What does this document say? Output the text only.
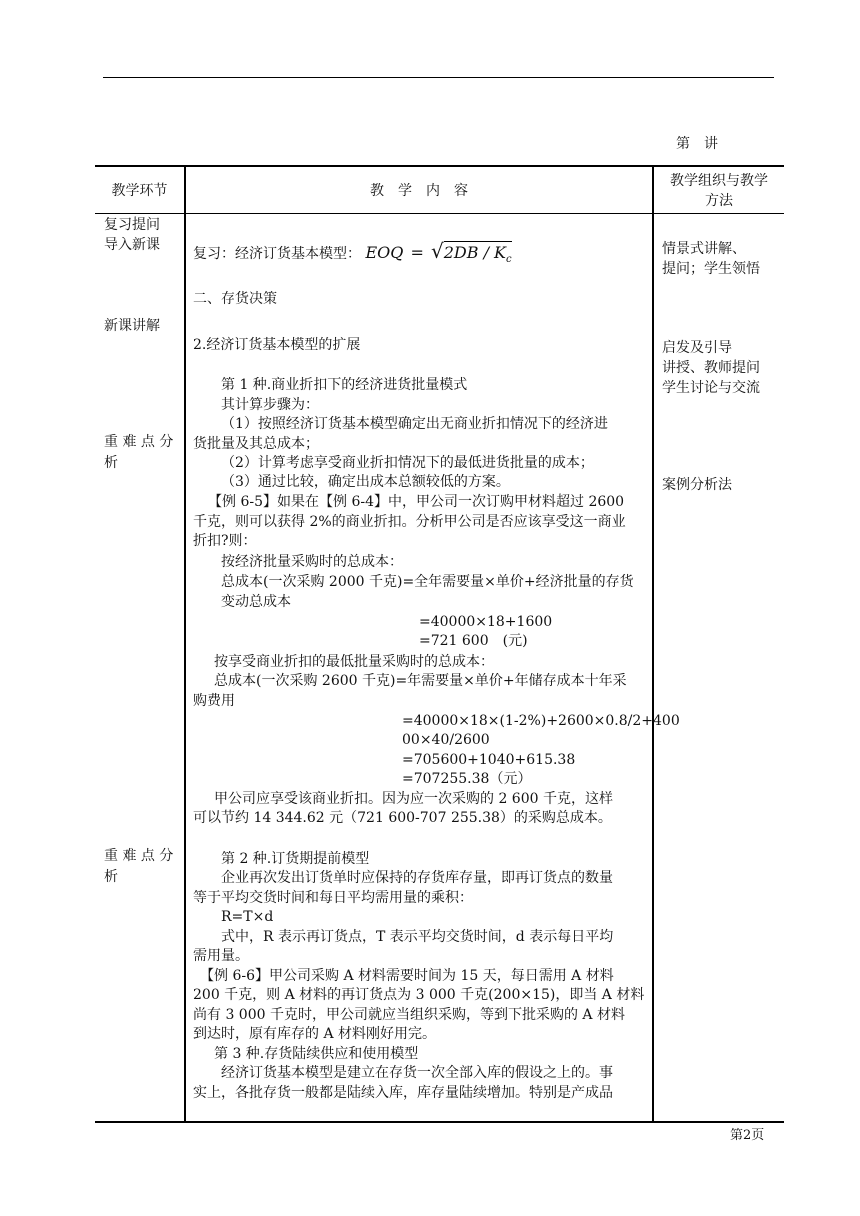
第　讲
教学环节	教　学　内　容
教学组织与教学
方法
复习提问
导入新课
新课讲解
重 难 点 分
析
重 难 点 分
析
情景式讲解、
提问；学生领悟
启发及引导
讲授、教师提问
学生讨论与交流
案例分析法
复习：经济订货基本模型： EOQ = $√2DB / K_c$
二、存货决策
2.经济订货基本模型的扩展
第 1 种.商业折扣下的经济进货批量模式
其计算步骤为：
（1）按照经济订货基本模型确定出无商业折扣情况下的经济进
货批量及其总成本；
（2）计算考虑享受商业折扣情况下的最低进货批量的成本；
（3）通过比较，确定出成本总额较低的方案。
【例 6-5】如果在【例 6-4】中，甲公司一次订购甲材料超过 2600
千克，则可以获得 2%的商业折扣。分析甲公司是否应该享受这一商业
折扣?则：
按经济批量采购时的总成本：
总成本(一次采购 2000 千克)=全年需要量×单价+经济批量的存货
变动总成本
=40000×18+1600
=721 600　(元)
按享受商业折扣的最低批量采购时的总成本：
总成本(一次采购 2600 千克)=年需要量×单价+年储存成本十年采
购费用
=40000×18×(1-2%)+2600×0.8/2+400
00×40/2600
=705600+1040+615.38
=707255.38（元）
甲公司应享受该商业折扣。因为应一次采购的 2 600 千克，这样
可以节约 14 344.62 元（721 600-707 255.38）的采购总成本。
第 2 种.订货期提前模型
企业再次发出订货单时应保持的存货库存量，即再订货点的数量
等于平均交货时间和每日平均需用量的乘积：
R=T×d
式中，R 表示再订货点，T 表示平均交货时间，d 表示每日平均
需用量。
【例 6-6】甲公司采购 A 材料需要时间为 15 天，每日需用 A 材料
200 千克，则 A 材料的再订货点为 3 000 千克(200×15)，即当 A 材料
尚有 3 000 千克时，甲公司就应当组织采购，等到下批采购的 A 材料
到达时，原有库存的 A 材料刚好用完。
第 3 种.存货陆续供应和使用模型
经济订货基本模型是建立在存货一次全部入库的假设之上的。事
实上，各批存货一般都是陆续入库，库存量陆续增加。特别是产成品
第2页
